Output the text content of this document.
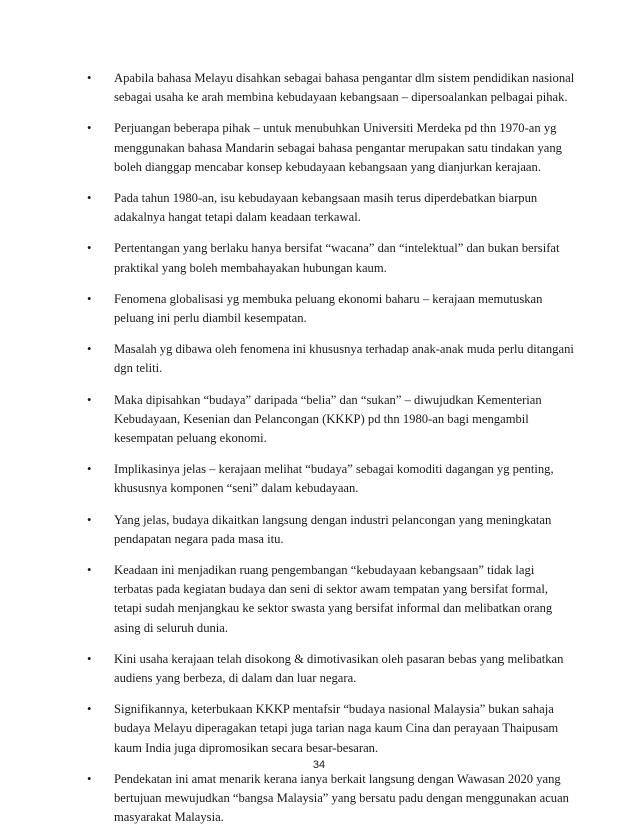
• Apabila bahasa Melayu disahkan sebagai bahasa pengantar dlm sistem pendidikan nasional sebagai usaha ke arah membina kebudayaan kebangsaan – dipersoalankan pelbagai pihak.
• Perjuangan beberapa pihak – untuk menubuhkan Universiti Merdeka pd thn 1970-an yg menggunakan bahasa Mandarin sebagai bahasa pengantar merupakan satu tindakan yang boleh dianggap mencabar konsep kebudayaan kebangsaan yang dianjurkan kerajaan.
• Pada tahun 1980-an, isu kebudayaan kebangsaan masih terus diperdebatkan biarpun adakalnya hangat tetapi dalam keadaan terkawal.
• Pertentangan yang berlaku hanya bersifat “wacana” dan “intelektual” dan bukan bersifat praktikal yang boleh membahayakan hubungan kaum.
• Fenomena globalisasi yg membuka peluang ekonomi baharu – kerajaan memutuskan peluang ini perlu diambil kesempatan.
• Masalah yg dibawa oleh fenomena ini khususnya terhadap anak-anak muda perlu ditangani dgn teliti.
• Maka dipisahkan “budaya” daripada “belia” dan “sukan” – diwujudkan Kementerian Kebudayaan, Kesenian dan Pelancongan (KKKP) pd thn 1980-an bagi mengambil kesempatan peluang ekonomi.
• Implikasinya jelas – kerajaan melihat “budaya” sebagai komoditi dagangan yg penting, khususnya komponen “seni” dalam kebudayaan.
• Yang jelas, budaya dikaitkan langsung dengan industri pelancongan yang meningkatan pendapatan negara pada masa itu.
• Keadaan ini menjadikan ruang pengembangan “kebudayaan kebangsaan” tidak lagi terbatas pada kegiatan budaya dan seni di sektor awam tempatan yang bersifat formal, tetapi sudah menjangkau ke sektor swasta yang bersifat informal dan melibatkan orang asing di seluruh dunia.
• Kini usaha kerajaan telah disokong & dimotivasikan oleh pasaran bebas yang melibatkan audiens yang berbeza, di dalam dan luar negara.
• Signifikannya, keterbukaan KKKP mentafsir “budaya nasional Malaysia” bukan sahaja budaya Melayu diperagakan tetapi juga tarian naga kaum Cina dan perayaan Thaipusam kaum India juga dipromosikan secara besar-besaran.
• Pendekatan ini amat menarik kerana ianya berkait langsung dengan Wawasan 2020 yang bertujuan mewujudkan “bangsa Malaysia” yang bersatu padu dengan menggunakan acuan masyarakat Malaysia.
34
